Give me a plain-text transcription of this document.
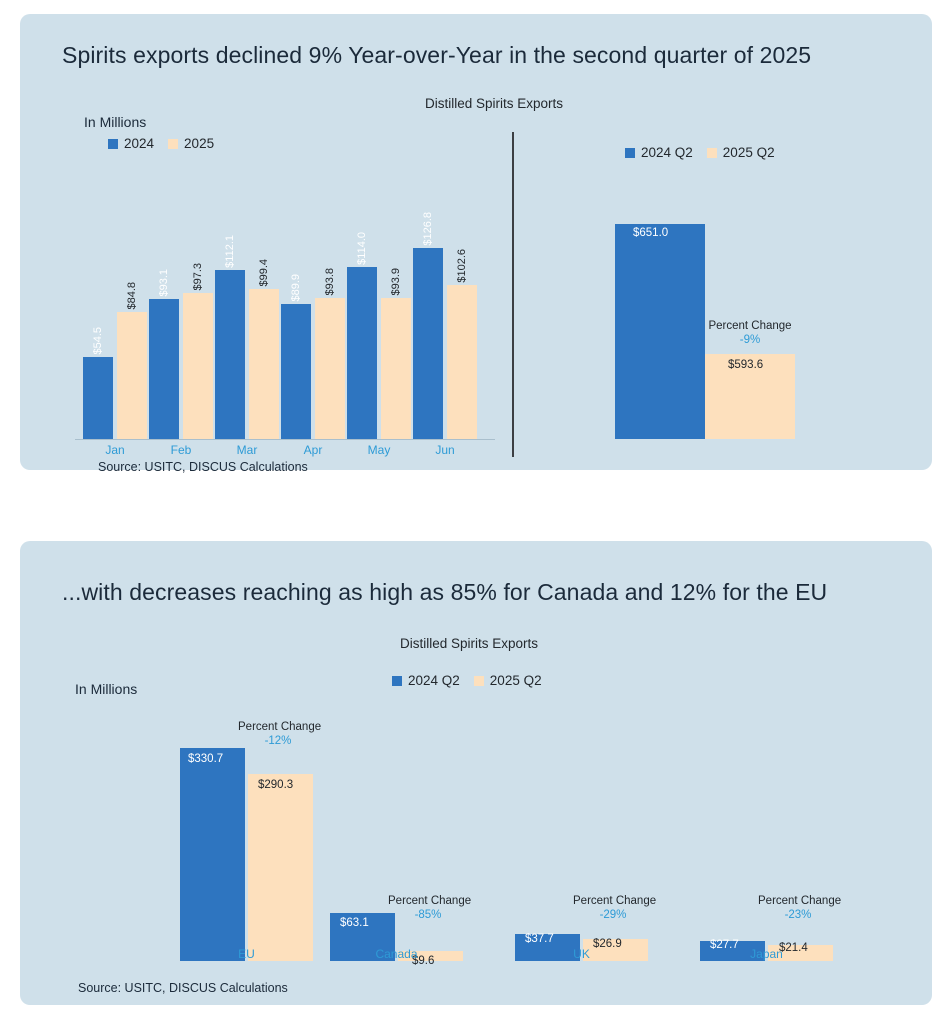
Spirits exports declined 9% Year-over-Year in the second quarter of 2025
Distilled Spirits Exports
In Millions
2024 2025
2024 Q2 2025 Q2
$54.5
$84.8
Jan
$93.1 $97.3
Feb
$112.1
$99.4
Mar
$89.9 $93.8
Apr
$114.0
$93.9
May
$126.8
$102.6
Jun
$651.0
$593.6
Percent Change
-9%
Source: USITC, DISCUS Calculations
...with decreases reaching as high as 85% for Canada and 12% for the EU
Distilled Spirits Exports
In Millions
2024 Q2 2025 Q2
$330.7
$290.3
Percent Change
-12%
EU
$63.1
$9.6
Percent Change
-85%
Canada
$37.7	$26.9
Percent Change
-29%
UK
$27.7	$21.4
Percent Change
-23%
Japan
Source: USITC, DISCUS Calculations
